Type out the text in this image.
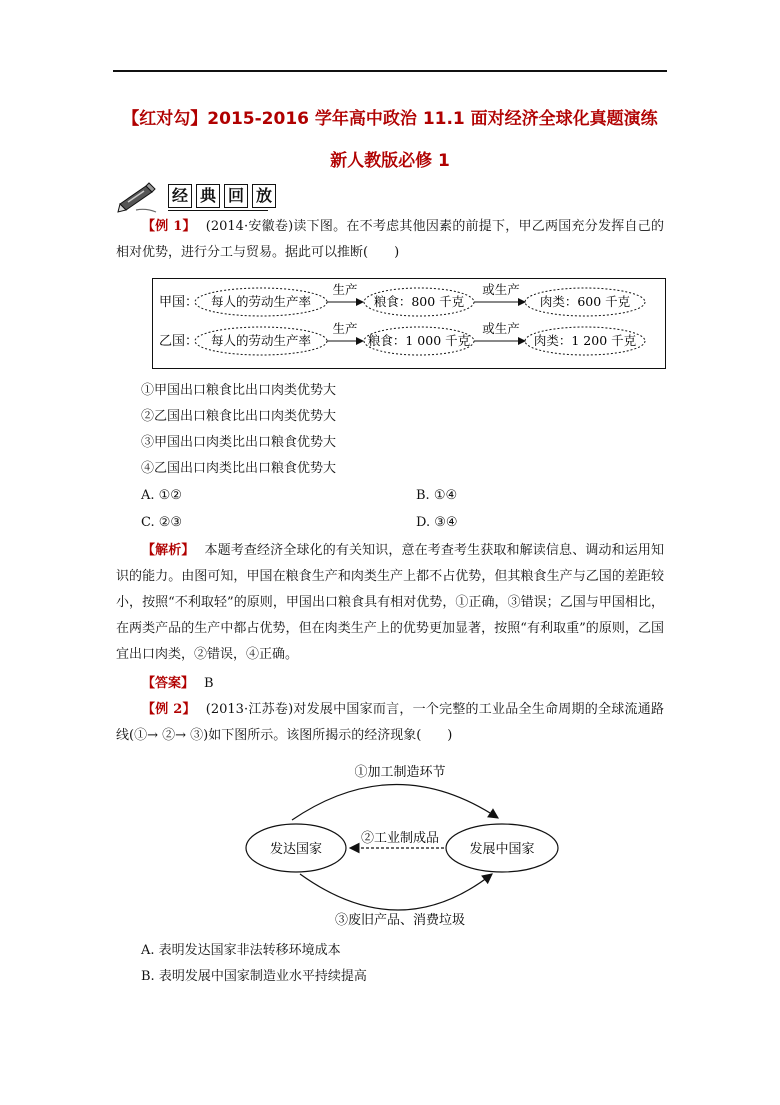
【红对勾】2015-2016 学年高中政治 11.1 面对经济全球化真题演练
新人教版必修 1
经 典 回 放
【例 1】 (2014·安徽卷)读下图。在不考虑其他因素的前提下，甲乙两国充分发挥自己的相对优势，进行分工与贸易。据此可以推断(　　)
甲国： 每人的劳动生产率
生产
粮食：800 千克
或生产
肉类：600 千克
乙国： 每人的劳动生产率
生产
粮食：1 000 千克
或生产
肉类：1 200 千克
①甲国出口粮食比出口肉类优势大
②乙国出口粮食比出口肉类优势大
③甲国出口肉类比出口粮食优势大
④乙国出口肉类比出口粮食优势大
A. ①②	B. ①④
C. ②③	D. ③④
【解析】 本题考查经济全球化的有关知识，意在考查考生获取和解读信息、调动和运用知识的能力。由图可知，甲国在粮食生产和肉类生产上都不占优势，但其粮食生产与乙国的差距较小，按照“不利取轻”的原则，甲国出口粮食具有相对优势，①正确，③错误；乙国与甲国相比，在两类产品的生产中都占优势，但在肉类生产上的优势更加显著，按照“有利取重”的原则，乙国宜出口肉类，②错误，④正确。
【答案】 B
【例 2】 (2013·江苏卷)对发展中国家而言，一个完整的工业品全生命周期的全球流通路线(①→ ②→ ③)如下图所示。该图所揭示的经济现象(　　)
①加工制造环节
发达国家	发展中国家
②工业制成品
③废旧产品、消费垃圾
A. 表明发达国家非法转移环境成本
B. 表明发展中国家制造业水平持续提高
